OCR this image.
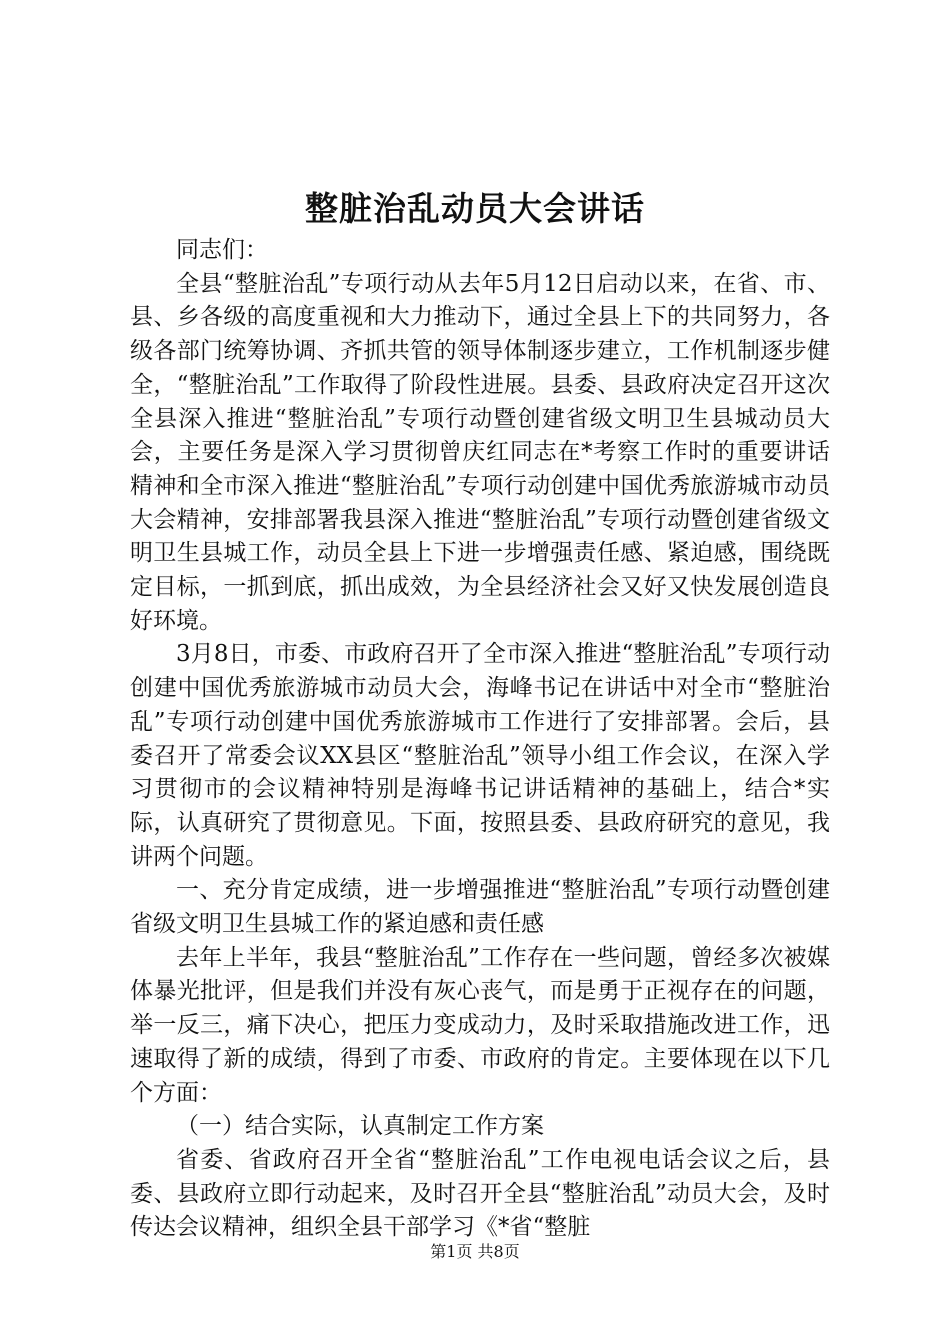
整脏治乱动员大会讲话

同志们：

全县“整脏治乱”专项行动从去年5月12日启动以来，在省、市、县、乡各级的高度重视和大力推动下，通过全县上下的共同努力，各级各部门统筹协调、齐抓共管的领导体制逐步建立，工作机制逐步健全，“整脏治乱”工作取得了阶段性进展。县委、县政府决定召开这次全县深入推进“整脏治乱”专项行动暨创建省级文明卫生县城动员大会，主要任务是深入学习贯彻曾庆红同志在*考察工作时的重要讲话精神和全市深入推进“整脏治乱”专项行动创建中国优秀旅游城市动员大会精神，安排部署我县深入推进“整脏治乱”专项行动暨创建省级文明卫生县城工作，动员全县上下进一步增强责任感、紧迫感，围绕既定目标，一抓到底，抓出成效，为全县经济社会又好又快发展创造良好环境。

3月8日，市委、市政府召开了全市深入推进“整脏治乱”专项行动创建中国优秀旅游城市动员大会，海峰书记在讲话中对全市“整脏治乱”专项行动创建中国优秀旅游城市工作进行了安排部署。会后，县委召开了常委会议XX县区“整脏治乱”领导小组工作会议，在深入学习贯彻市的会议精神特别是海峰书记讲话精神的基础上，结合*实际，认真研究了贯彻意见。下面，按照县委、县政府研究的意见，我讲两个问题。

一、充分肯定成绩，进一步增强推进“整脏治乱”专项行动暨创建省级文明卫生县城工作的紧迫感和责任感

去年上半年，我县“整脏治乱”工作存在一些问题，曾经多次被媒体暴光批评，但是我们并没有灰心丧气，而是勇于正视存在的问题，举一反三，痛下决心，把压力变成动力，及时采取措施改进工作，迅速取得了新的成绩，得到了市委、市政府的肯定。主要体现在以下几个方面：

（一）结合实际，认真制定工作方案

省委、省政府召开全省“整脏治乱”工作电视电话会议之后，县委、县政府立即行动起来，及时召开全县“整脏治乱”动员大会，及时传达会议精神，组织全县干部学习《*省“整脏

第1页 共8页
